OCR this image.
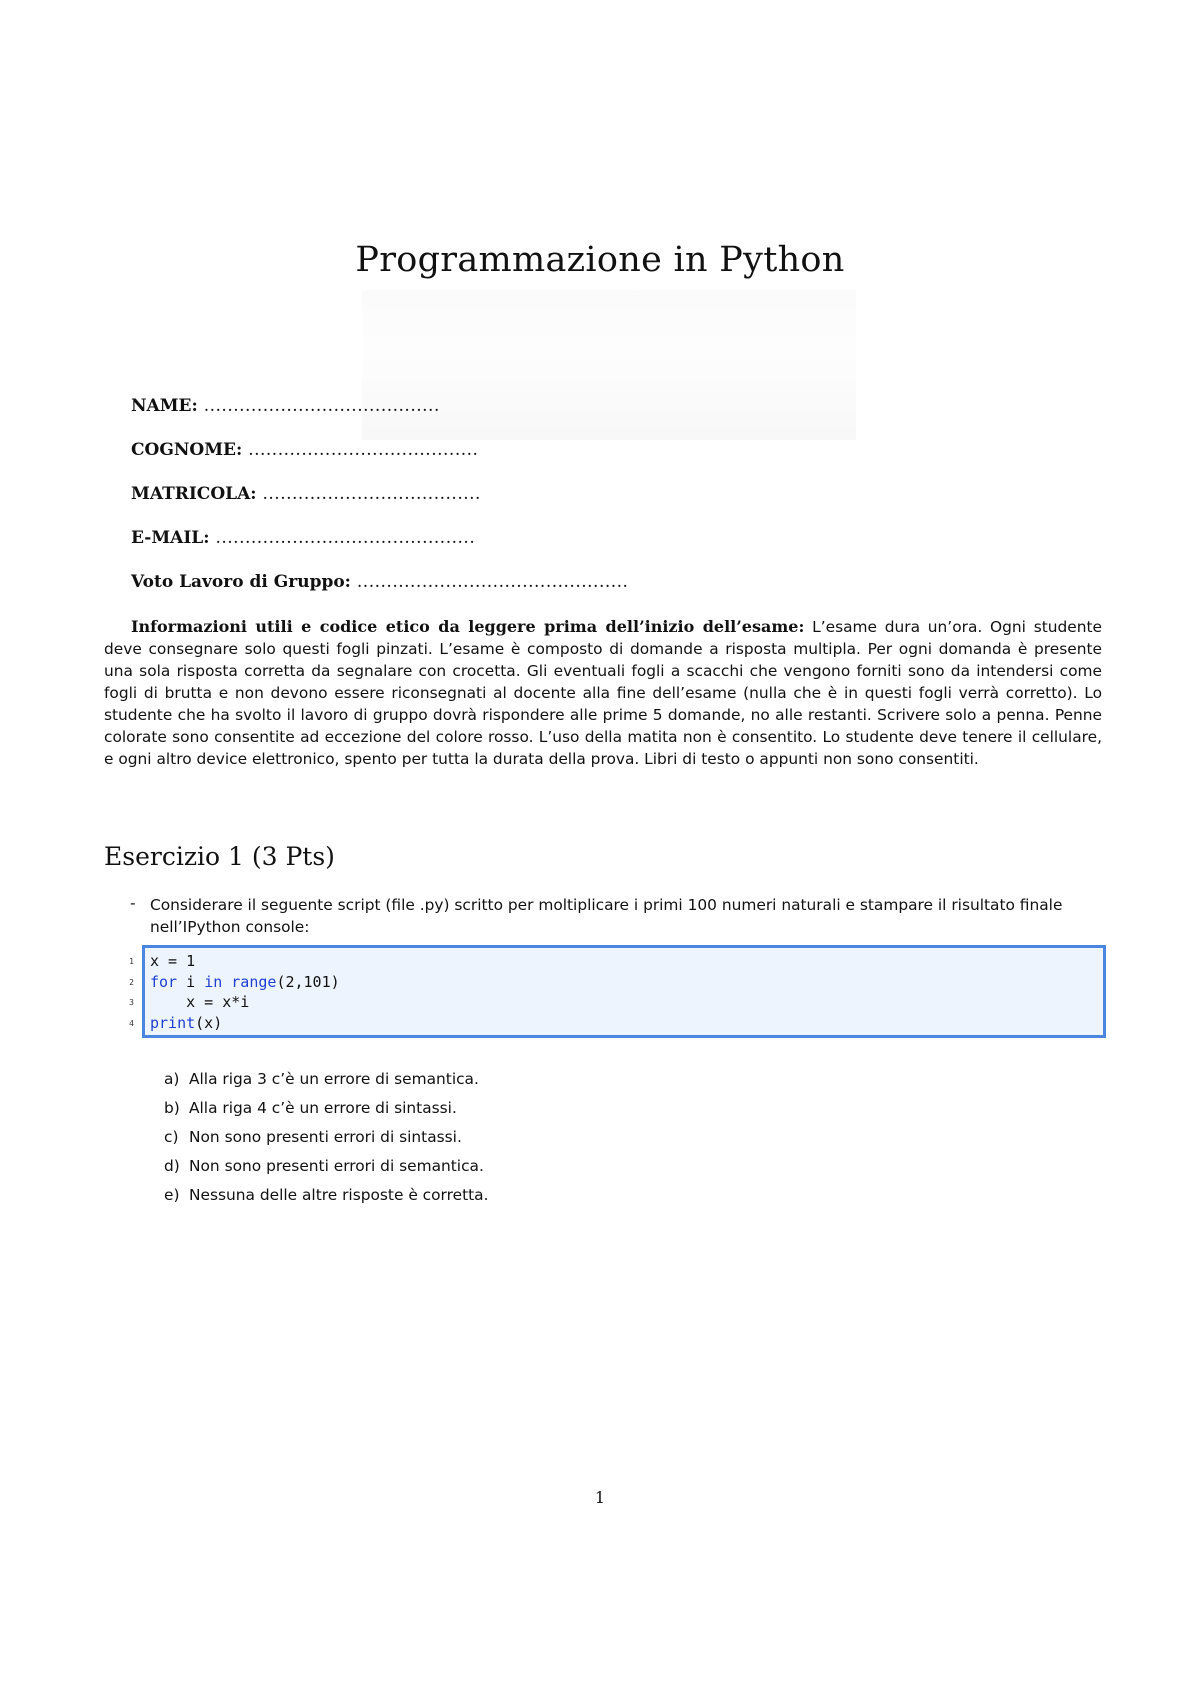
Programmazione in Python
NAME: ........................................
COGNOME: .......................................
MATRICOLA: .....................................
E-MAIL: ............................................
Voto Lavoro di Gruppo: ..............................................
Informazioni utili e codice etico da leggere prima dell’inizio dell’esame: L’esame dura un’ora. Ogni studente deve consegnare solo questi fogli pinzati. L’esame è composto di domande a risposta multipla. Per ogni domanda è presente una sola risposta corretta da segnalare con crocetta. Gli eventuali fogli a scacchi che vengono forniti sono da intendersi come fogli di brutta e non devono essere riconsegnati al docente alla fine dell’esame (nulla che è in questi fogli verrà corretto). Lo studente che ha svolto il lavoro di gruppo dovrà rispondere alle prime 5 domande, no alle restanti. Scrivere solo a penna. Penne colorate sono consentite ad eccezione del colore rosso. L’uso della matita non è consentito. Lo studente deve tenere il cellulare, e ogni altro device elettronico, spento per tutta la durata della prova. Libri di testo o appunti non sono consentiti.
Esercizio 1 (3 Pts)
- Considerare il seguente script (file .py) scritto per moltiplicare i primi 100 numeri naturali e stampare il risultato finale nell’IPython console:
1
2
3
4
x = 1
for i in range(2,101)
x = x*i
print(x)
a) Alla riga 3 c’è un errore di semantica.
b) Alla riga 4 c’è un errore di sintassi.
c) Non sono presenti errori di sintassi.
d) Non sono presenti errori di semantica.
e) Nessuna delle altre risposte è corretta.
1
